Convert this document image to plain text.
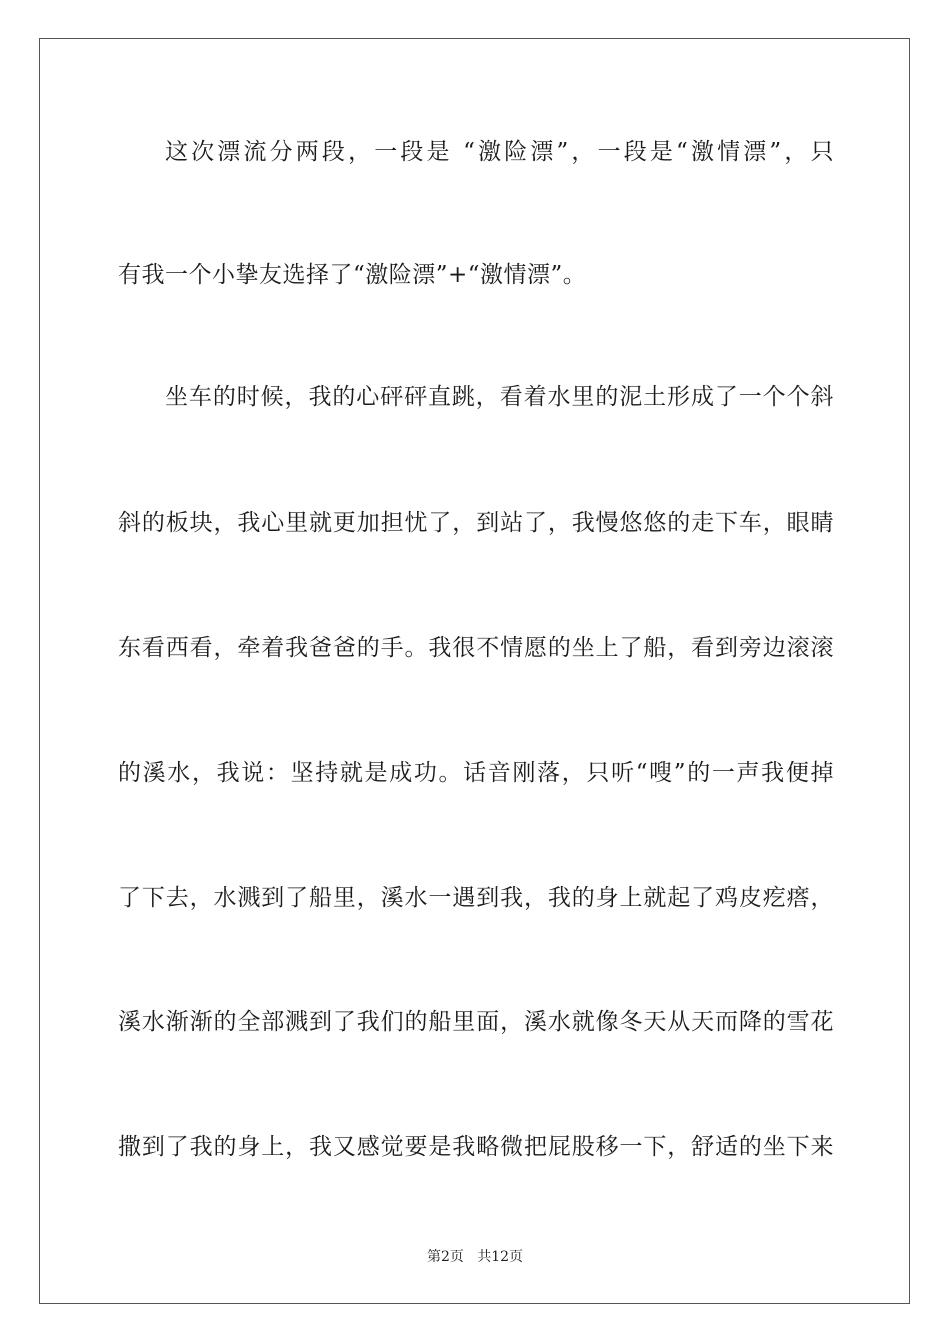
这次漂流分两段，一段是 “激险漂”，一段是“激情漂”，只
有我一个小挚友选择了“激险漂”+“激情漂”。
坐车的时候，我的心砰砰直跳，看着水里的泥土形成了一个个斜
斜的板块，我心里就更加担忧了，到站了，我慢悠悠的走下车，眼睛
东看西看，牵着我爸爸的手。我很不情愿的坐上了船，看到旁边滚滚
的溪水，我说：坚持就是成功。话音刚落，只听“嗖”的一声我便掉
了下去，水溅到了船里，溪水一遇到我，我的身上就起了鸡皮疙瘩，
溪水渐渐的全部溅到了我们的船里面，溪水就像冬天从天而降的雪花
撒到了我的身上，我又感觉要是我略微把屁股移一下，舒适的坐下来
第2页   共12页
